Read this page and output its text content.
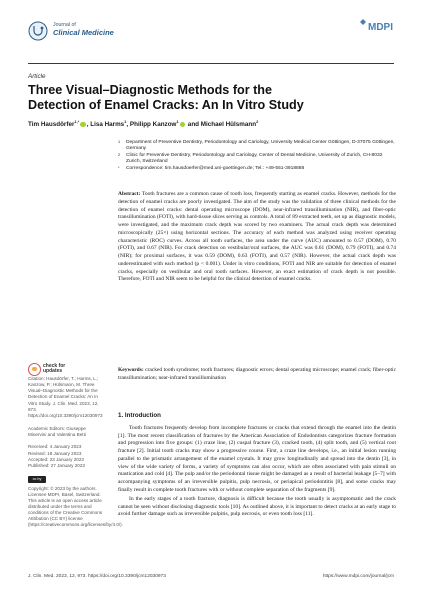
Journal of
Clinical Medicine	MDPI
Article
Three Visual–Diagnostic Methods for the Detection of Enamel Cracks: An In Vitro Study
Tim Hausdörfer$^{1,*}$ , Lisa Harms$^1$, Philipp Kanzow$^1$ and Michael Hülsmann$^2$
1	Department of Preventive Dentistry, Periodontology and Cariology, University Medical Center Göttingen, D-37075 Göttingen, Germany
2	Clinic for Preventive Dentistry, Periodontology and Cariology, Center of Dental Medicine, University of Zurich, CH-8032 Zurich, Switzerland
*	Correspondence: tim.hausdoerfer@med.uni-goettingen.de; Tel.: +49-551-3918888
Abstract: Tooth fractures are a common cause of tooth loss, frequently starting as enamel cracks. However, methods for the detection of enamel cracks are poorly investigated. The aim of the study was the validation of three clinical methods for the detection of enamel cracks: dental operating microscope (DOM), near-infrared transillumination (NIR), and fiber-optic transillumination (FOTI), with hard-tissue slices serving as controls. A total of 89 extracted teeth, set up as diagnostic models, were investigated, and the maximum crack depth was scored by two examiners. The actual crack depth was determined microscopically (25×) using horizontal sections. The accuracy of each method was analyzed using receiver operating characteristic (ROC) curves. Across all tooth surfaces, the area under the curve (AUC) amounted to 0.57 (DOM), 0.70 (FOTI), and 0.67 (NIR). For crack detection on vestibular/oral surfaces, the AUC was 0.61 (DOM), 0.79 (FOTI), and 0.74 (NIR); for proximal surfaces, it was 0.59 (DOM), 0.63 (FOTI), and 0.57 (NIR). However, the actual crack depth was underestimated with each method (p < 0.001). Under in vitro conditions, FOTI and NIR are suitable for detection of enamel cracks, especially on vestibular and oral tooth surfaces. However, an exact estimation of crack depth is not possible. Therefore, FOTI and NIR seem to be helpful for the clinical detection of enamel cracks.
Keywords: cracked tooth syndrome; tooth fractures; diagnostic errors; dental operating microscope; enamel crack; fiber-optic transillumination; near-infrared transillumination
check for
updates

Citation: Hausdörfer, T.; Harms, L.; Kanzow, P.; Hülsmann, M. Three Visual–Diagnostic Methods for the Detection of Enamel Cracks: An In Vitro Study. J. Clin. Med. 2023, 12, 973. https://doi.org/10.3390/jcm12030973

Academic Editors: Giuseppe Minervini and Valentina Betti

Received: 4 January 2023
Revised: 18 January 2023
Accepted: 23 January 2023
Published: 27 January 2023

cc by

Copyright: © 2023 by the authors. Licensee MDPI, Basel, Switzerland. This article is an open access article distributed under the terms and conditions of the Creative Commons Attribution (CC BY) license (https://creativecommons.org/licenses/by/4.0/).

1. Introduction

Tooth fractures frequently develop from incomplete fractures or cracks that extend through the enamel into the dentin [1]. The most recent classification of fractures by the American Association of Endodontists categorizes fracture formation and progression into five groups: (1) craze line, (2) cuspal fracture (3), cracked tooth, (4) split tooth, and (5) vertical root fracture [2]. Initial tooth cracks may show a progressive course. First, a craze line develops, i.e., an initial lesion running parallel to the prismatic arrangement of the enamel crystals. It may grow longitudinally and spread into the dentin [3], in view of the wide variety of forms, a variety of symptoms can also occur, which are often associated with pain stimuli on mastication and cold [4]. The pulp and/or the periodontal tissue might be damaged as a result of bacterial leakage [5–7] with accompanying symptoms of an irreversible pulpitis, pulp necrosis, or periapical periodontitis [8], and some cracks may finally result in complete tooth fractures with or without complete separation of the fragments [9].

In the early stages of a tooth fracture, diagnosis is difficult because the tooth usually is asymptomatic and the crack cannot be seen without disclosing diagnostic tools [10]. As outlined above, it is important to detect cracks at an early stage to avoid further damage such as irreversible pulpitis, pulp necrosis, or even tooth loss [11].

J. Clin. Med. 2023, 12, 973. https://doi.org/10.3390/jcm12030973	https://www.mdpi.com/journal/jcm
